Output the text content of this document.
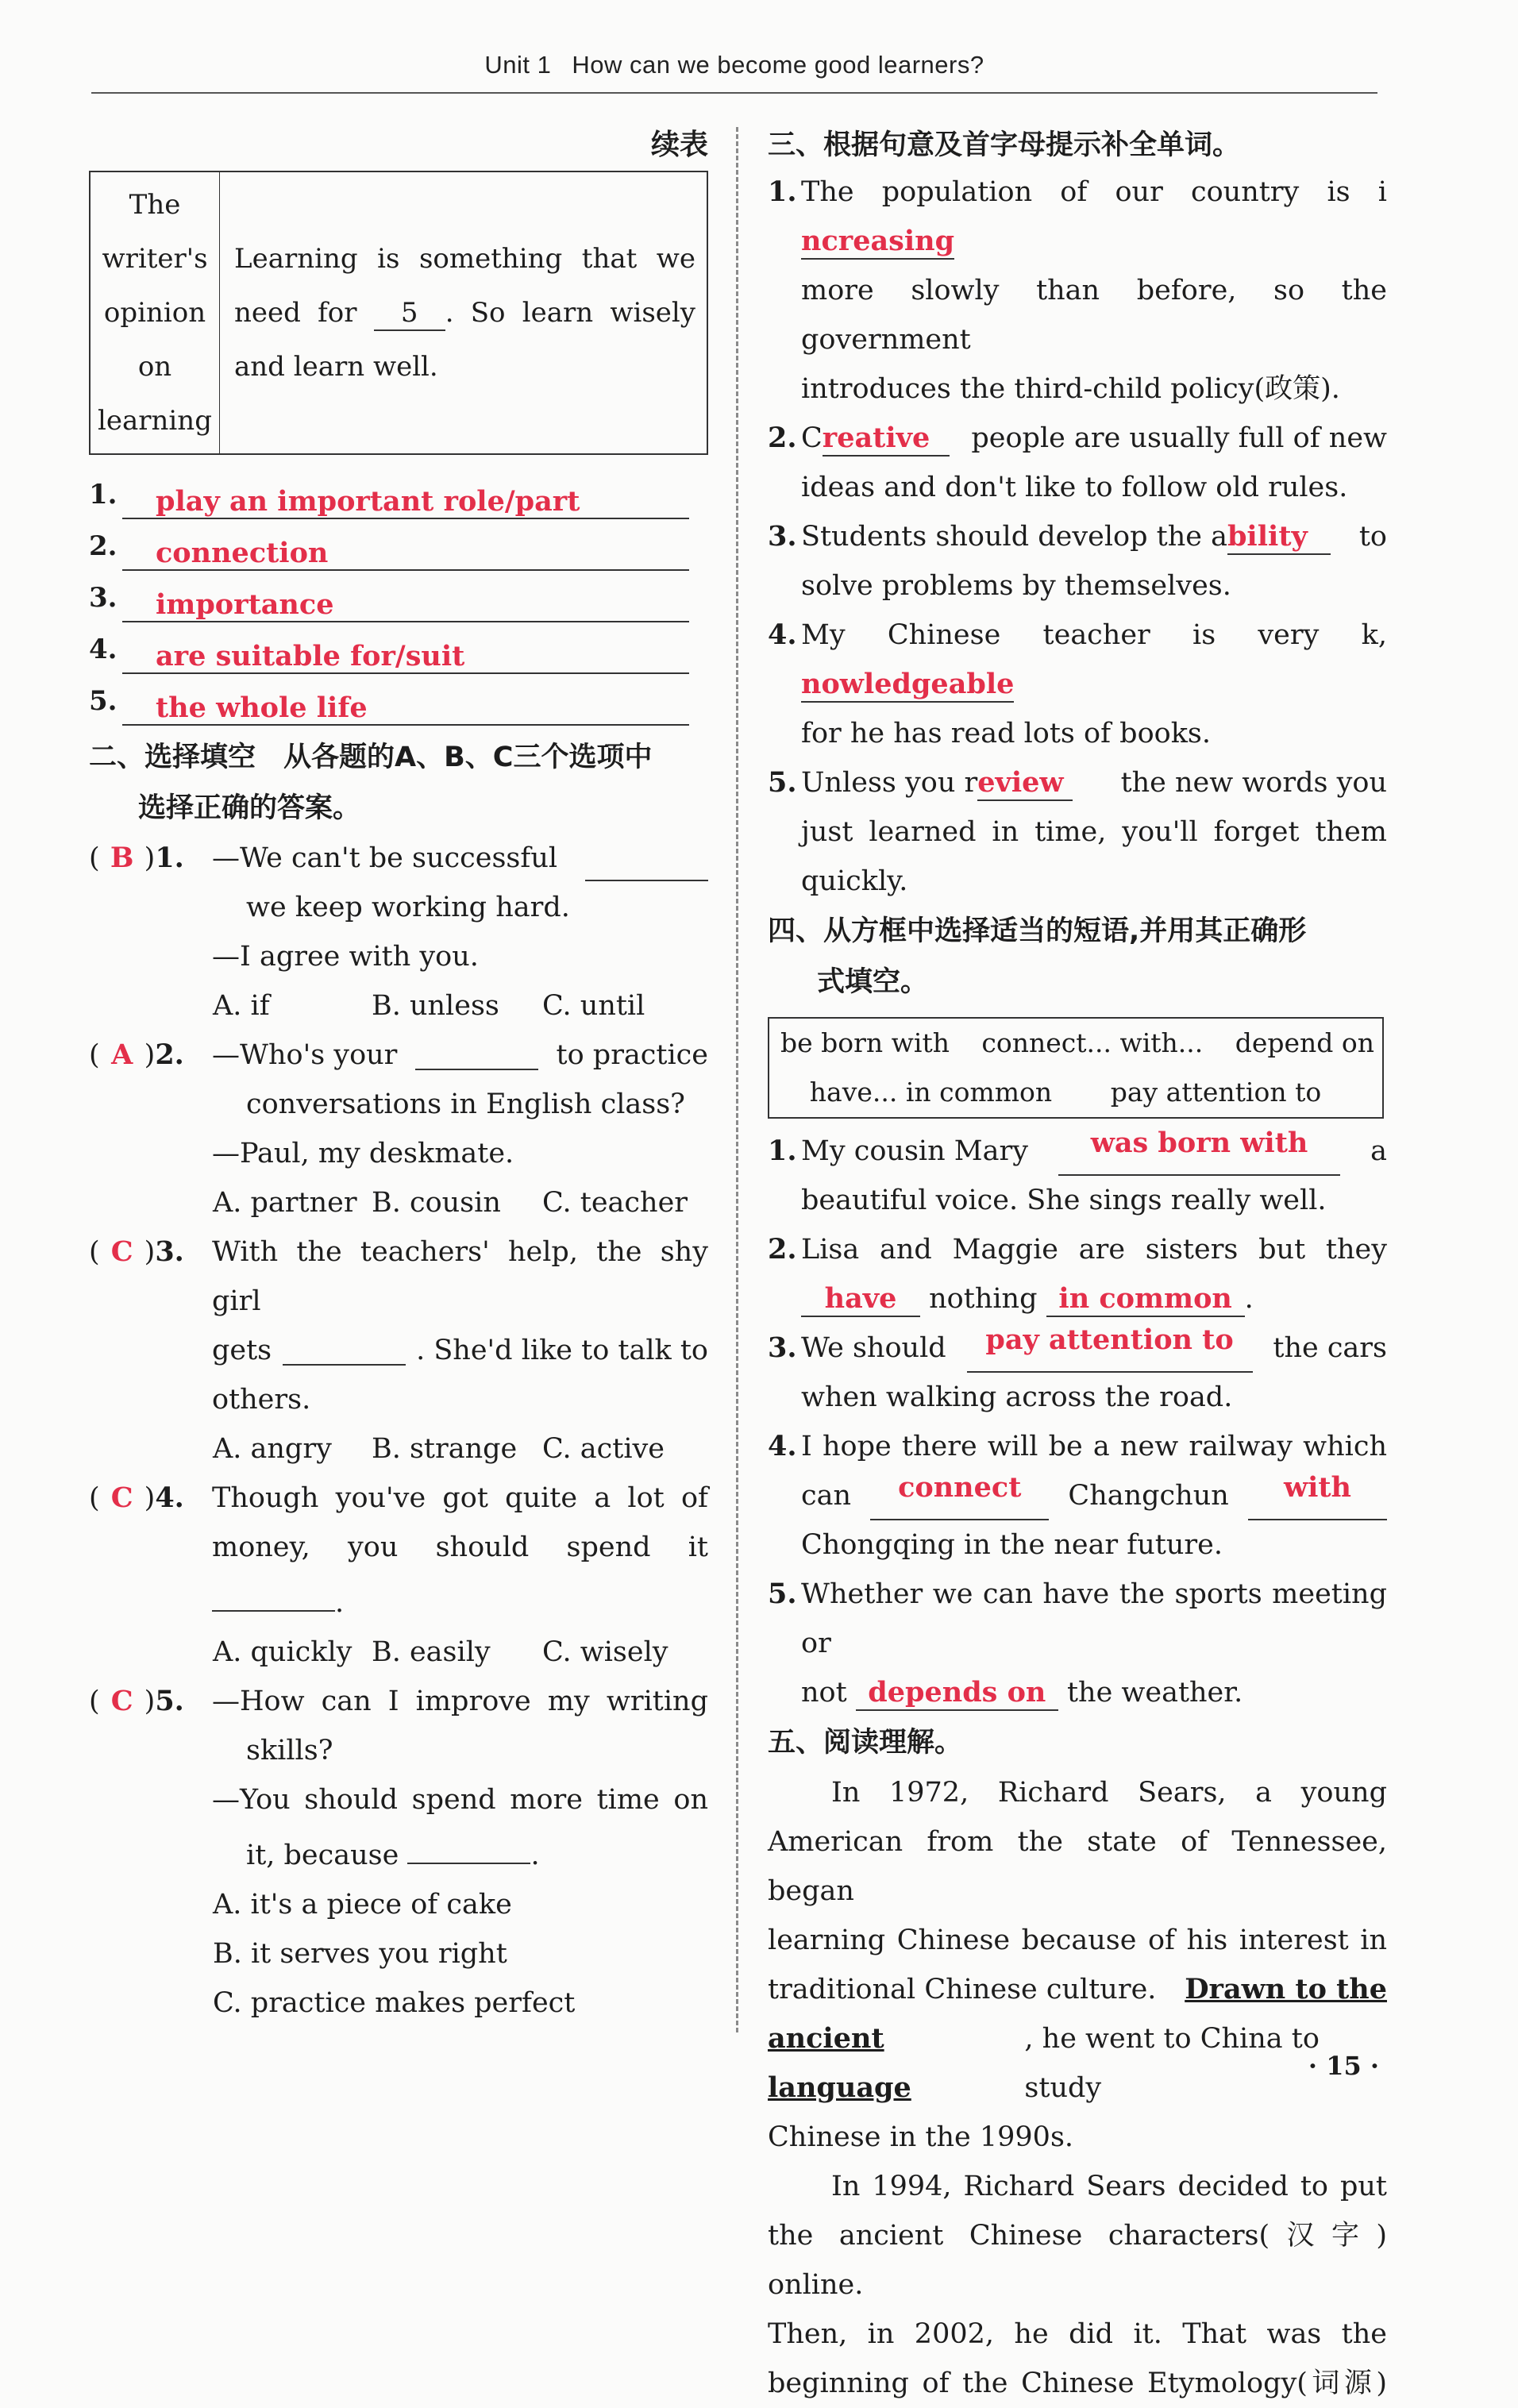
Unit 1 How can we become good learners?
续表
The writer's opinion on learning
	Learning is something that we need for 5 . So learn wisely and learn well.
1.	play an important role/part
2.	connection
3.	importance
4.	are suitable for/suit
5.	the whole life
二、选择填空　从各题的A、B、C三个选项中
选择正确的答案。
( B )1.	—We can't be successful

we keep working hard.
—I agree with you.
A. if	B. unless	C. until
( A )2.	—Who's your	to practice
conversations in English class?
—Paul, my deskmate.
A. partner B. cousin	C. teacher
( C )3.	With the teachers' help, the shy girl
gets	. She'd like to talk to
others.
A. angry	B. strange C. active
( C )4.	Though you've got quite a lot of
money, you should spend it
.
A. quickly B. easily	C. wisely
( C )5.	—How can I improve my writing
skills?
—You should spend more time on
it, because	.
A. it's a piece of cake
B. it serves you right
C. practice makes perfect
三、根据句意及首字母提示补全单词。
1. The population of our country is increasing
more slowly than before, so the government
introduces the third-child policy(政策).
2. Creative	people are usually full of new
ideas and don't like to follow old rules.
3. Students should develop the ability	to
solve problems by themselves.
4. My Chinese teacher is very knowledgeable
,
for he has read lots of books.
5. Unless you review	the new words you
just learned in time, you'll forget them
quickly.
四、从方框中选择适当的短语,并用其正确形
式填空。
be born with connect... with... depend on
have... in common pay attention to
1. My cousin Mary	was born with	a
beautiful voice. She sings really well.
2. Lisa and Maggie are sisters but they
have nothing in common .
3. We should	pay attention to	the cars
when walking across the road.
4. I hope there will be a new railway which
can	connect	Changchun	with
Chongqing in the near future.
5. Whether we can have the sports meeting or
not depends on the weather.
五、阅读理解。
In 1972, Richard Sears, a young
American from the state of Tennessee, began
learning Chinese because of his interest in
traditional Chinese culture. Drawn to the
ancient language
, he went to China to study
Chinese in the 1990s.
In 1994, Richard Sears decided to put
the ancient Chinese characters(汉字) online.
Then, in 2002, he did it. That was the
beginning of the Chinese Etymology(词源)
· 15 ·
